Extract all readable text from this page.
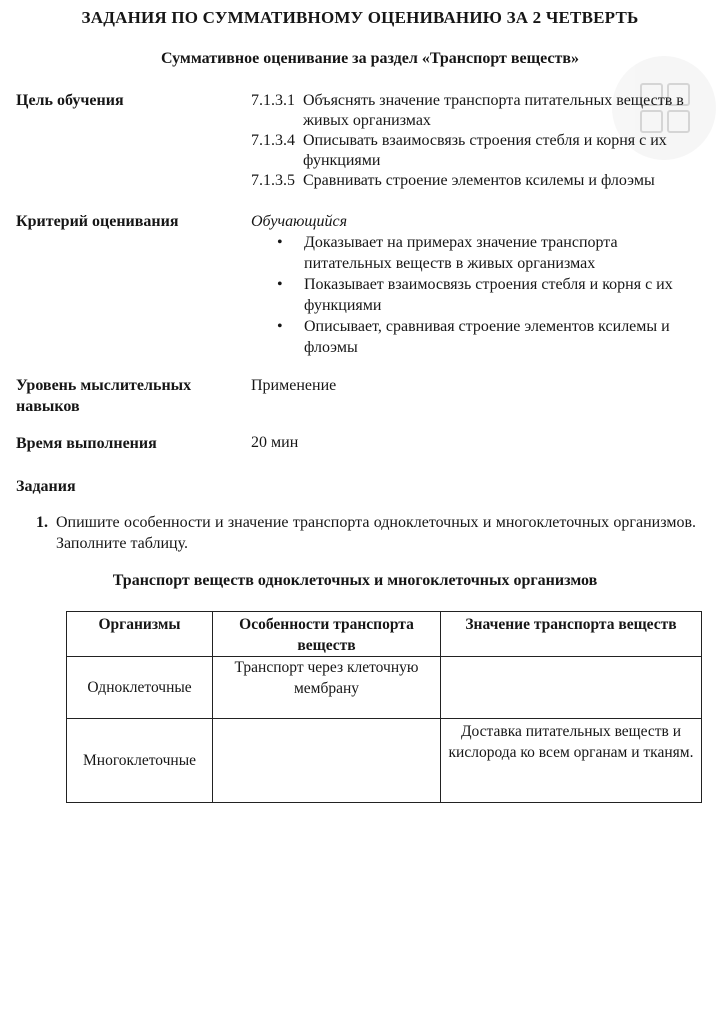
ЗАДАНИЯ ПО СУММАТИВНОМУ ОЦЕНИВАНИЮ ЗА 2 ЧЕТВЕРТЬ
Суммативное оценивание за раздел «Транспорт веществ»
Цель обучения	7.1.3.1 Объяснять значение транспорта питательных веществ в живых организмах
7.1.3.4 Описывать взаимосвязь строения стебля и корня с их функциями
7.1.3.5 Сравнивать строение элементов ксилемы и флоэмы
Критерий оценивания	Обучающийся
• Доказывает на примерах значение транспорта питательных веществ в живых организмах
• Показывает взаимосвязь строения стебля и корня с их функциями
• Описывает, сравнивая строение элементов ксилемы и флоэмы
Уровень мыслительных
навыков
Применение
Время выполнения	20 мин
Задания
1. Опишите особенности и значение транспорта одноклеточных и многоклеточных организмов. Заполните таблицу.
Транспорт веществ одноклеточных и многоклеточных организмов
Организмы	Особенности транспорта веществ	Значение транспорта веществ
Одноклеточные	Транспорт через клеточную мембрану	
Многоклеточные		Доставка питательных веществ и кислорода ко всем органам и тканям.
